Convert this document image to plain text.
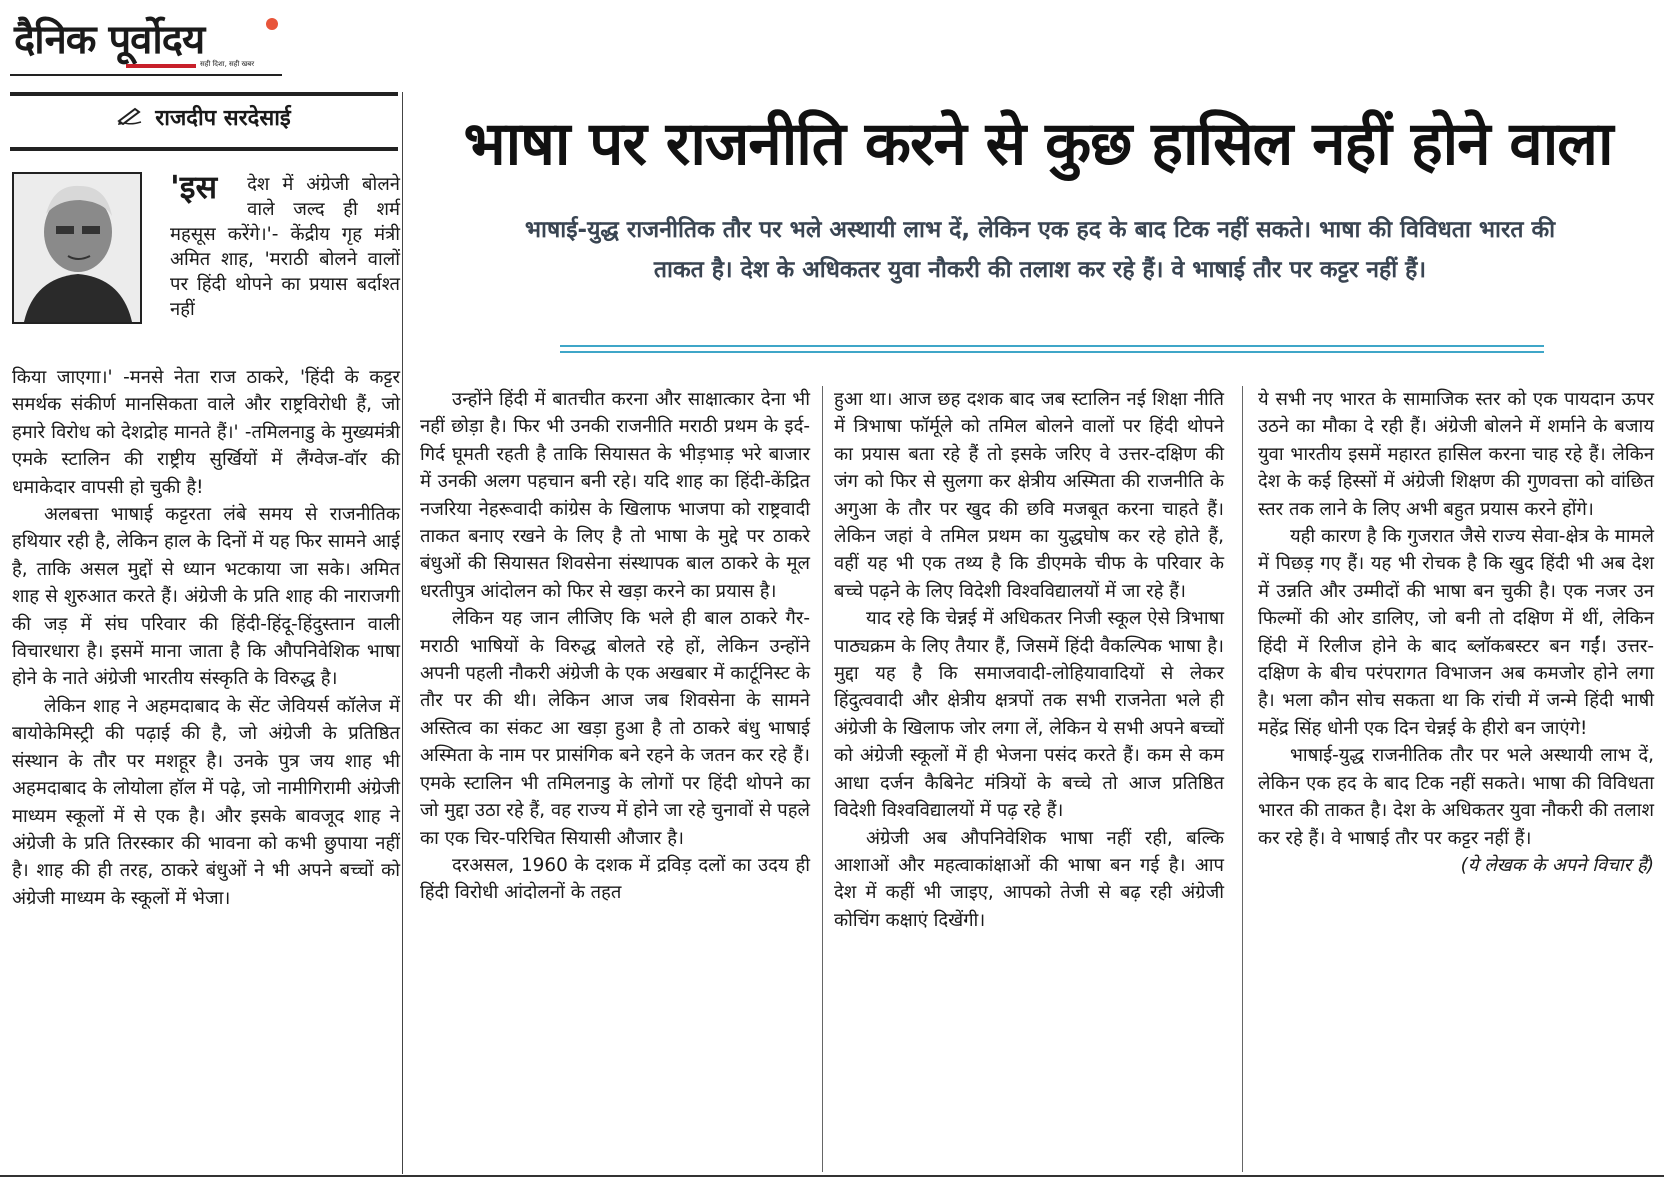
दैनिक पूर्वोदय
सही दिशा, सही खबर
राजदीप सरदेसाई
'इस देश में अंग्रेजी बोलने वाले जल्द ही शर्म महसूस करेंगे।'- केंद्रीय गृह मंत्री अमित शाह, 'मराठी बोलने वालों पर हिंदी थोपने का प्रयास बर्दाश्त नहीं
भाषा पर राजनीति करने से कुछ हासिल नहीं होने वाला
भाषाई-युद्ध राजनीतिक तौर पर भले अस्थायी लाभ दें, लेकिन एक हद के बाद टिक नहीं सकते। भाषा की विविधता भारत की ताकत है। देश के अधिकतर युवा नौकरी की तलाश कर रहे हैं। वे भाषाई तौर पर कट्टर नहीं हैं।

किया जाएगा।' -मनसे नेता राज ठाकरे, 'हिंदी के कट्टर समर्थक संकीर्ण मानसिकता वाले और राष्ट्रविरोधी हैं, जो हमारे विरोध को देशद्रोह मानते हैं।' -तमिलनाडु के मुख्यमंत्री एमके स्टालिन की राष्ट्रीय सुर्खियों में लैंग्वेज-वॉर की धमाकेदार वापसी हो चुकी है!

अलबत्ता भाषाई कट्टरता लंबे समय से राजनीतिक हथियार रही है, लेकिन हाल के दिनों में यह फिर सामने आई है, ताकि असल मुद्दों से ध्यान भटकाया जा सके। अमित शाह से शुरुआत करते हैं। अंग्रेजी के प्रति शाह की नाराजगी की जड़ में संघ परिवार की हिंदी-हिंदू-हिंदुस्तान वाली विचारधारा है। इसमें माना जाता है कि औपनिवेशिक भाषा होने के नाते अंग्रेजी भारतीय संस्कृति के विरुद्ध है।

लेकिन शाह ने अहमदाबाद के सेंट जेवियर्स कॉलेज में बायोकेमिस्ट्री की पढ़ाई की है, जो अंग्रेजी के प्रतिष्ठित संस्थान के तौर पर मशहूर है। उनके पुत्र जय शाह भी अहमदाबाद के लोयोला हॉल में पढ़े, जो नामीगिरामी अंग्रेजी माध्यम स्कूलों में से एक है। और इसके बावजूद शाह ने अंग्रेजी के प्रति तिरस्कार की भावना को कभी छुपाया नहीं है। शाह की ही तरह, ठाकरे बंधुओं ने भी अपने बच्चों को अंग्रेजी माध्यम के स्कूलों में भेजा।

उन्होंने हिंदी में बातचीत करना और साक्षात्कार देना भी नहीं छोड़ा है। फिर भी उनकी राजनीति मराठी प्रथम के इर्द-गिर्द घूमती रहती है ताकि सियासत के भीड़भाड़ भरे बाजार में उनकी अलग पहचान बनी रहे। यदि शाह का हिंदी-केंद्रित नजरिया नेहरूवादी कांग्रेस के खिलाफ भाजपा को राष्ट्रवादी ताकत बनाए रखने के लिए है तो भाषा के मुद्दे पर ठाकरे बंधुओं की सियासत शिवसेना संस्थापक बाल ठाकरे के मूल धरतीपुत्र आंदोलन को फिर से खड़ा करने का प्रयास है।

लेकिन यह जान लीजिए कि भले ही बाल ठाकरे गैर-मराठी भाषियों के विरुद्ध बोलते रहे हों, लेकिन उन्होंने अपनी पहली नौकरी अंग्रेजी के एक अखबार में कार्टूनिस्ट के तौर पर की थी। लेकिन आज जब शिवसेना के सामने अस्तित्व का संकट आ खड़ा हुआ है तो ठाकरे बंधु भाषाई अस्मिता के नाम पर प्रासंगिक बने रहने के जतन कर रहे हैं। एमके स्टालिन भी तमिलनाडु के लोगों पर हिंदी थोपने का जो मुद्दा उठा रहे हैं, वह राज्य में होने जा रहे चुनावों से पहले का एक चिर-परिचित सियासी औजार है।

दरअसल, 1960 के दशक में द्रविड़ दलों का उदय ही हिंदी विरोधी आंदोलनों के तहत

हुआ था। आज छह दशक बाद जब स्टालिन नई शिक्षा नीति में त्रिभाषा फॉर्मूले को तमिल बोलने वालों पर हिंदी थोपने का प्रयास बता रहे हैं तो इसके जरिए वे उत्तर-दक्षिण की जंग को फिर से सुलगा कर क्षेत्रीय अस्मिता की राजनीति के अगुआ के तौर पर खुद की छवि मजबूत करना चाहते हैं। लेकिन जहां वे तमिल प्रथम का युद्धघोष कर रहे होते हैं, वहीं यह भी एक तथ्य है कि डीएमके चीफ के परिवार के बच्चे पढ़ने के लिए विदेशी विश्वविद्यालयों में जा रहे हैं।

याद रहे कि चेन्नई में अधिकतर निजी स्कूल ऐसे त्रिभाषा पाठ्यक्रम के लिए तैयार हैं, जिसमें हिंदी वैकल्पिक भाषा है। मुद्दा यह है कि समाजवादी-लोहियावादियों से लेकर हिंदुत्ववादी और क्षेत्रीय क्षत्रपों तक सभी राजनेता भले ही अंग्रेजी के खिलाफ जोर लगा लें, लेकिन ये सभी अपने बच्चों को अंग्रेजी स्कूलों में ही भेजना पसंद करते हैं। कम से कम आधा दर्जन कैबिनेट मंत्रियों के बच्चे तो आज प्रतिष्ठित विदेशी विश्वविद्यालयों में पढ़ रहे हैं।

अंग्रेजी अब औपनिवेशिक भाषा नहीं रही, बल्कि आशाओं और महत्वाकांक्षाओं की भाषा बन गई है। आप देश में कहीं भी जाइए, आपको तेजी से बढ़ रही अंग्रेजी कोचिंग कक्षाएं दिखेंगी।

ये सभी नए भारत के सामाजिक स्तर को एक पायदान ऊपर उठने का मौका दे रही हैं। अंग्रेजी बोलने में शर्माने के बजाय युवा भारतीय इसमें महारत हासिल करना चाह रहे हैं। लेकिन देश के कई हिस्सों में अंग्रेजी शिक्षण की गुणवत्ता को वांछित स्तर तक लाने के लिए अभी बहुत प्रयास करने होंगे।

यही कारण है कि गुजरात जैसे राज्य सेवा-क्षेत्र के मामले में पिछड़ गए हैं। यह भी रोचक है कि खुद हिंदी भी अब देश में उन्नति और उम्मीदों की भाषा बन चुकी है। एक नजर उन फिल्मों की ओर डालिए, जो बनी तो दक्षिण में थीं, लेकिन हिंदी में रिलीज होने के बाद ब्लॉकबस्टर बन गईं। उत्तर-दक्षिण के बीच परंपरागत विभाजन अब कमजोर होने लगा है। भला कौन सोच सकता था कि रांची में जन्मे हिंदी भाषी महेंद्र सिंह धोनी एक दिन चेन्नई के हीरो बन जाएंगे!

भाषाई-युद्ध राजनीतिक तौर पर भले अस्थायी लाभ दें, लेकिन एक हद के बाद टिक नहीं सकते। भाषा की विविधता भारत की ताकत है। देश के अधिकतर युवा नौकरी की तलाश कर रहे हैं। वे भाषाई तौर पर कट्टर नहीं हैं।

(ये लेखक के अपने विचार हैं)
